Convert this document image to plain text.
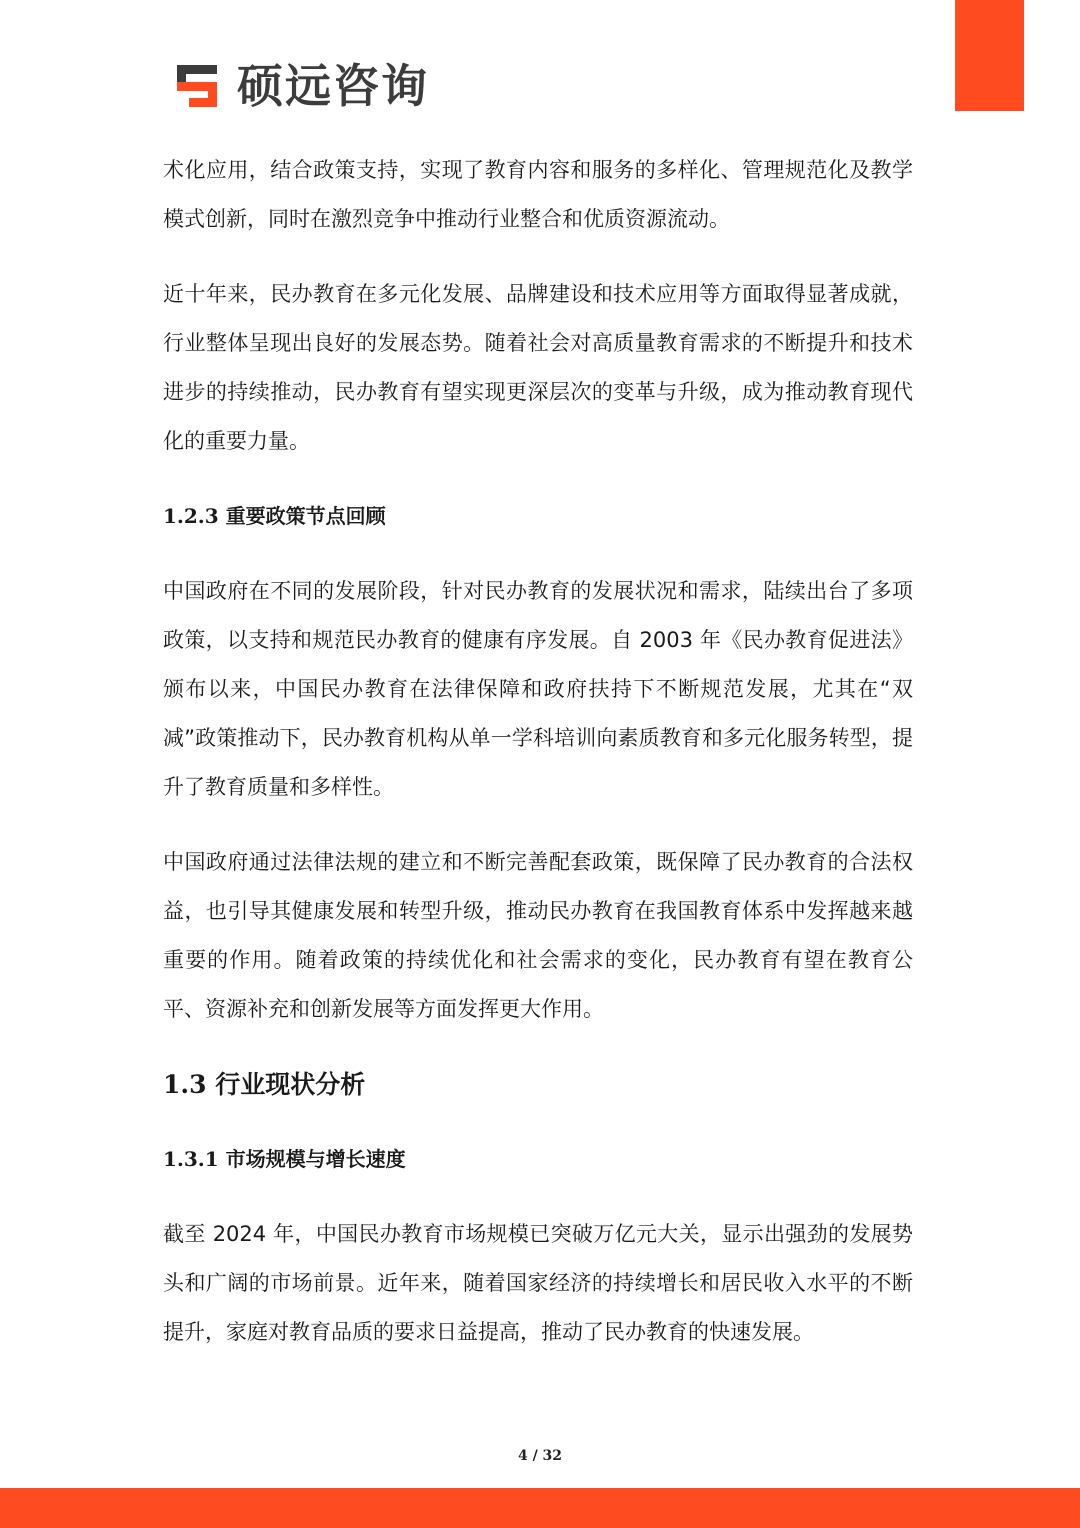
硕远咨询

术化应用，结合政策支持，实现了教育内容和服务的多样化、管理规范化及教学模式创新，同时在激烈竞争中推动行业整合和优质资源流动。

近十年来，民办教育在多元化发展、品牌建设和技术应用等方面取得显著成就，行业整体呈现出良好的发展态势。随着社会对高质量教育需求的不断提升和技术进步的持续推动，民办教育有望实现更深层次的变革与升级，成为推动教育现代化的重要力量。

1.2.3 重要政策节点回顾

中国政府在不同的发展阶段，针对民办教育的发展状况和需求，陆续出台了多项政策，以支持和规范民办教育的健康有序发展。自 2003 年《民办教育促进法》颁布以来，中国民办教育在法律保障和政府扶持下不断规范发展，尤其在“双减”政策推动下，民办教育机构从单一学科培训向素质教育和多元化服务转型，提升了教育质量和多样性。

中国政府通过法律法规的建立和不断完善配套政策，既保障了民办教育的合法权益，也引导其健康发展和转型升级，推动民办教育在我国教育体系中发挥越来越重要的作用。随着政策的持续优化和社会需求的变化，民办教育有望在教育公平、资源补充和创新发展等方面发挥更大作用。

1.3 行业现状分析
1.3.1 市场规模与增长速度

截至 2024 年，中国民办教育市场规模已突破万亿元大关，显示出强劲的发展势头和广阔的市场前景。近年来，随着国家经济的持续增长和居民收入水平的不断提升，家庭对教育品质的要求日益提高，推动了民办教育的快速发展。

4 / 32
